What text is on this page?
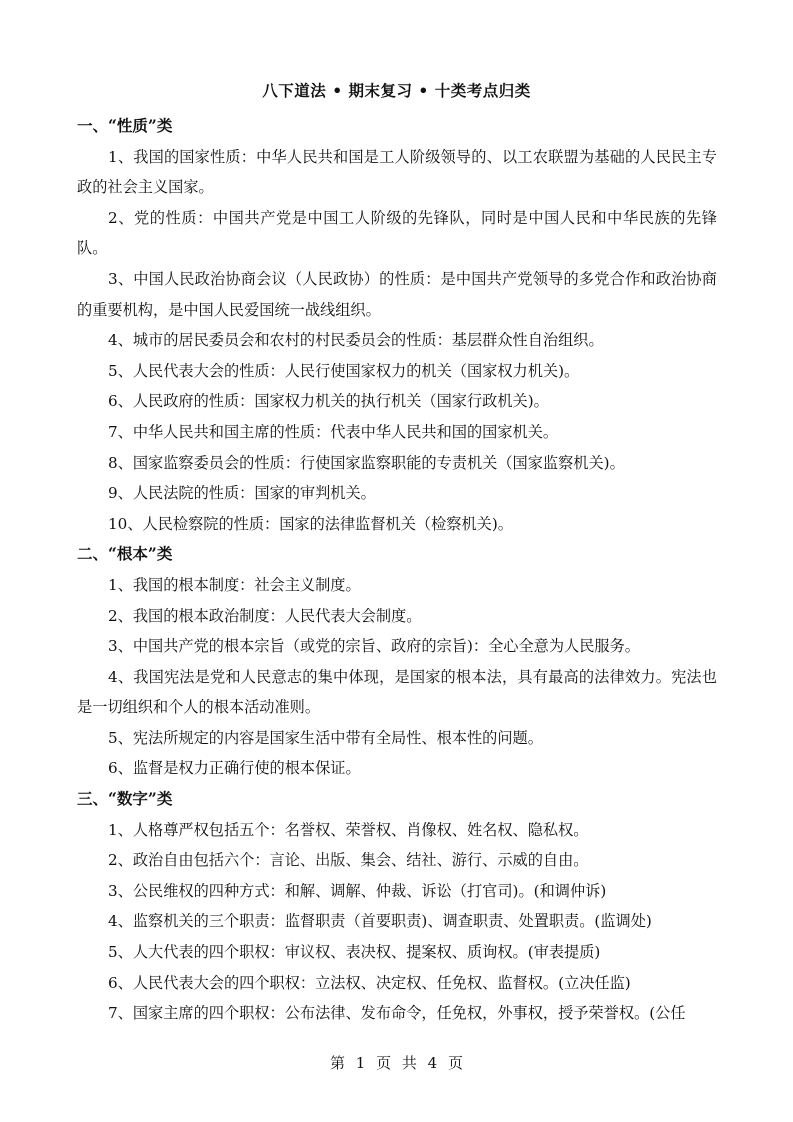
八下道法 • 期末复习 • 十类考点归类
一、“性质”类

1、我国的国家性质：中华人民共和国是工人阶级领导的、以工农联盟为基础的人民民主专政的社会主义国家。

2、党的性质：中国共产党是中国工人阶级的先锋队，同时是中国人民和中华民族的先锋队。

3、中国人民政治协商会议（人民政协）的性质：是中国共产党领导的多党合作和政治协商的重要机构，是中国人民爱国统一战线组织。

4、城市的居民委员会和农村的村民委员会的性质：基层群众性自治组织。

5、人民代表大会的性质：人民行使国家权力的机关（国家权力机关)。

6、人民政府的性质：国家权力机关的执行机关（国家行政机关)。

7、中华人民共和国主席的性质：代表中华人民共和国的国家机关。

8、国家监察委员会的性质：行使国家监察职能的专责机关（国家监察机关)。

9、人民法院的性质：国家的审判机关。

10、人民检察院的性质：国家的法律监督机关（检察机关)。

二、“根本”类

1、我国的根本制度：社会主义制度。

2、我国的根本政治制度：人民代表大会制度。

3、中国共产党的根本宗旨（或党的宗旨、政府的宗旨)：全心全意为人民服务。

4、我国宪法是党和人民意志的集中体现，是国家的根本法，具有最高的法律效力。宪法也是一切组织和个人的根本活动准则。

5、宪法所规定的内容是国家生活中带有全局性、根本性的问题。

6、监督是权力正确行使的根本保证。

三、“数字”类

1、人格尊严权包括五个：名誉权、荣誉权、肖像权、姓名权、隐私权。

2、政治自由包括六个：言论、出版、集会、结社、游行、示威的自由。

3、公民维权的四种方式：和解、调解、仲裁、诉讼（打官司)。(和调仲诉)

4、监察机关的三个职责：监督职责（首要职责)、调查职责、处置职责。(监调处)

5、人大代表的四个职权：审议权、表决权、提案权、质询权。(审表提质)

6、人民代表大会的四个职权：立法权、决定权、任免权、监督权。(立决任监)

7、国家主席的四个职权：公布法律、发布命令，任免权，外事权，授予荣誉权。(公任

第 1 页 共 4 页
